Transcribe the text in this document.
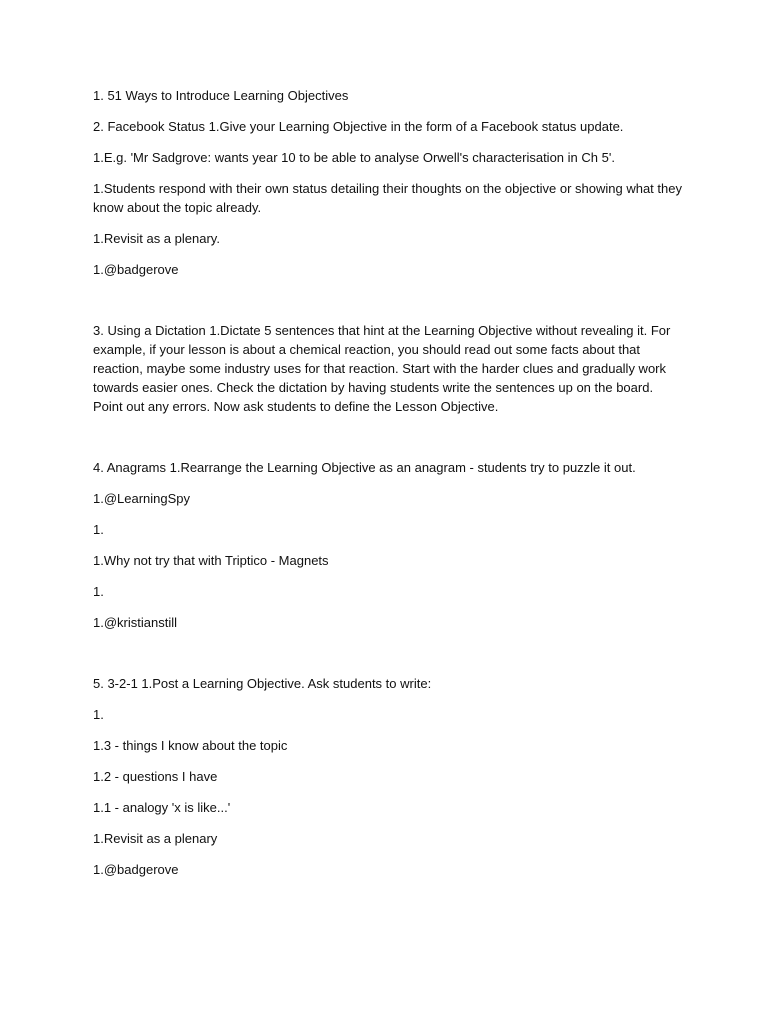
1. 51 Ways to Introduce Learning Objectives

2. Facebook Status 1.Give your Learning Objective in the form of a Facebook status update.

1.E.g. 'Mr Sadgrove: wants year 10 to be able to analyse Orwell's characterisation in Ch 5'.

1.Students respond with their own status detailing their thoughts on the objective or showing what they know about the topic already.

1.Revisit as a plenary.

1.@badgerove

3. Using a Dictation 1.Dictate 5 sentences that hint at the Learning Objective without revealing it. For example, if your lesson is about a chemical reaction, you should read out some facts about that reaction, maybe some industry uses for that reaction. Start with the harder clues and gradually work towards easier ones. Check the dictation by having students write the sentences up on the board. Point out any errors. Now ask students to define the Lesson Objective.

4. Anagrams 1.Rearrange the Learning Objective as an anagram - students try to puzzle it out.

1.@LearningSpy

1.

1.Why not try that with Triptico - Magnets

1.

1.@kristianstill

5. 3-2-1 1.Post a Learning Objective. Ask students to write:

1.

1.3 - things I know about the topic

1.2 - questions I have

1.1 - analogy 'x is like...'

1.Revisit as a plenary

1.@badgerove
